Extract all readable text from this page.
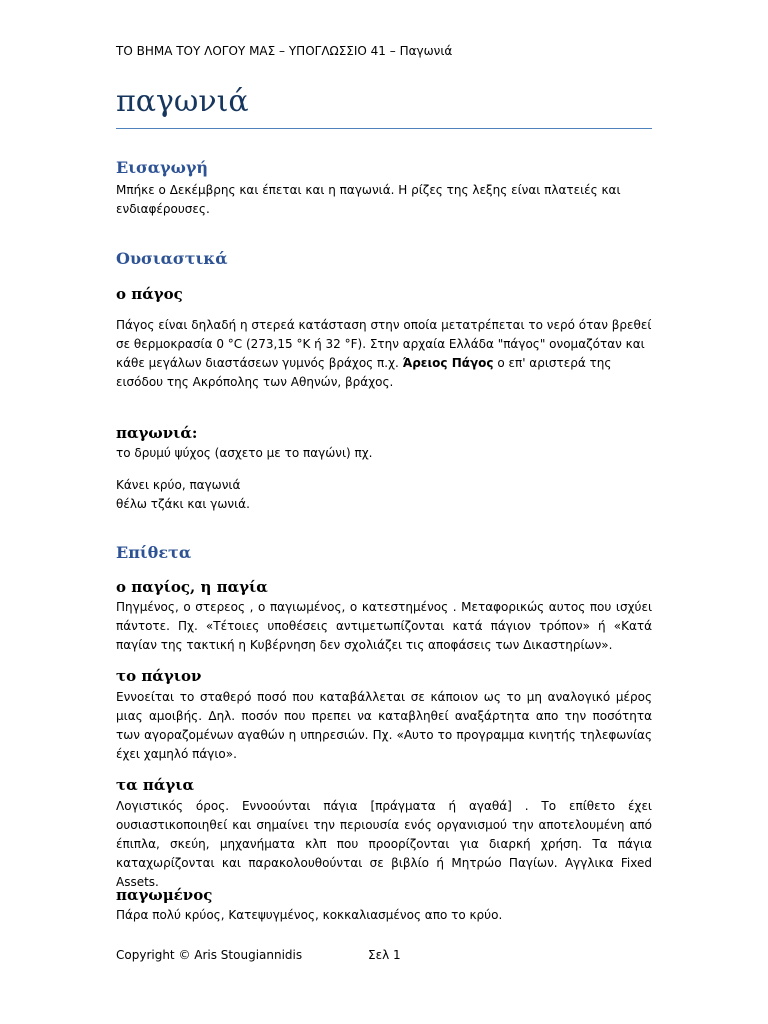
ΤΟ ΒΗΜΑ ΤΟΥ ΛΟΓΟΥ ΜΑΣ – ΥΠΟΓΛΩΣΣΙΟ 41 – Παγωνιά
παγωνιά
Εισαγωγή

Μπήκε ο Δεκέμβρης και έπεται και η παγωνιά. Η ρίζες της λεξης είναι πλατειές και ενδιαφέρουσες.

Ουσιαστικά
ο πάγος

Πάγος είναι δηλαδή η στερεά κατάσταση στην οποία μετατρέπεται το νερό όταν βρεθεί σε θερμοκρασία 0 °C (273,15 °K ή 32 °F). Στην αρχαία Ελλάδα "πάγος" ονομαζόταν και κάθε μεγάλων διαστάσεων γυμνός βράχος π.χ. Άρειος Πάγος ο επ' αριστερά της εισόδου της Ακρόπολης των Αθηνών, βράχος.

παγωνιά:
το δρυμύ ψύχος (ασχετο με το παγώνι) πχ.
Κάνει κρύο, παγωνιά
θέλω τζάκι και γωνιά.
Επίθετα
ο παγίος, η παγία

Πηγμένος, ο στερεος , ο παγιωμένος, ο κατεστημένος . Μεταφορικώς αυτος που ισχύει πάντοτε. Πχ. «Τέτοιες υποθέσεις αντιμετωπίζονται κατά πάγιον τρόπον» ή «Κατά παγίαν της τακτική η Κυβέρνηση δεν σχολιάζει τις αποφάσεις των Δικαστηρίων».

το πάγιον

Εννοείται το σταθερό ποσό που καταβάλλεται σε κάποιον ως το μη αναλογικό μέρος μιας αμοιβής. Δηλ. ποσόν που πρεπει να καταβληθεί αναξάρτητα απο την ποσότητα των αγοραζομένων αγαθών η υπηρεσιών. Πχ. «Αυτο το προγραμμα κινητής τηλεφωνίας έχει χαμηλό πάγιο».

τα πάγια

Λογιστικός όρος. Εννοούνται πάγια [πράγματα ή αγαθά] . Το επίθετο έχει ουσιαστικοποιηθεί και σημαίνει την περιουσία ενός οργανισμού την αποτελουμένη από έπιπλα, σκεύη, μηχανήματα κλπ που προορίζονται για διαρκή χρήση. Τα πάγια καταχωρίζονται και παρακολουθούνται σε βιβλίο ή Μητρώο Παγίων. Αγγλικα Fixed Assets.

παγωμένος

Πάρα πολύ κρύος, Κατεψυγμένος, κοκκαλιασμένος απο το κρύο.

Copyright © Aris Stougiannidis	Σελ 1
